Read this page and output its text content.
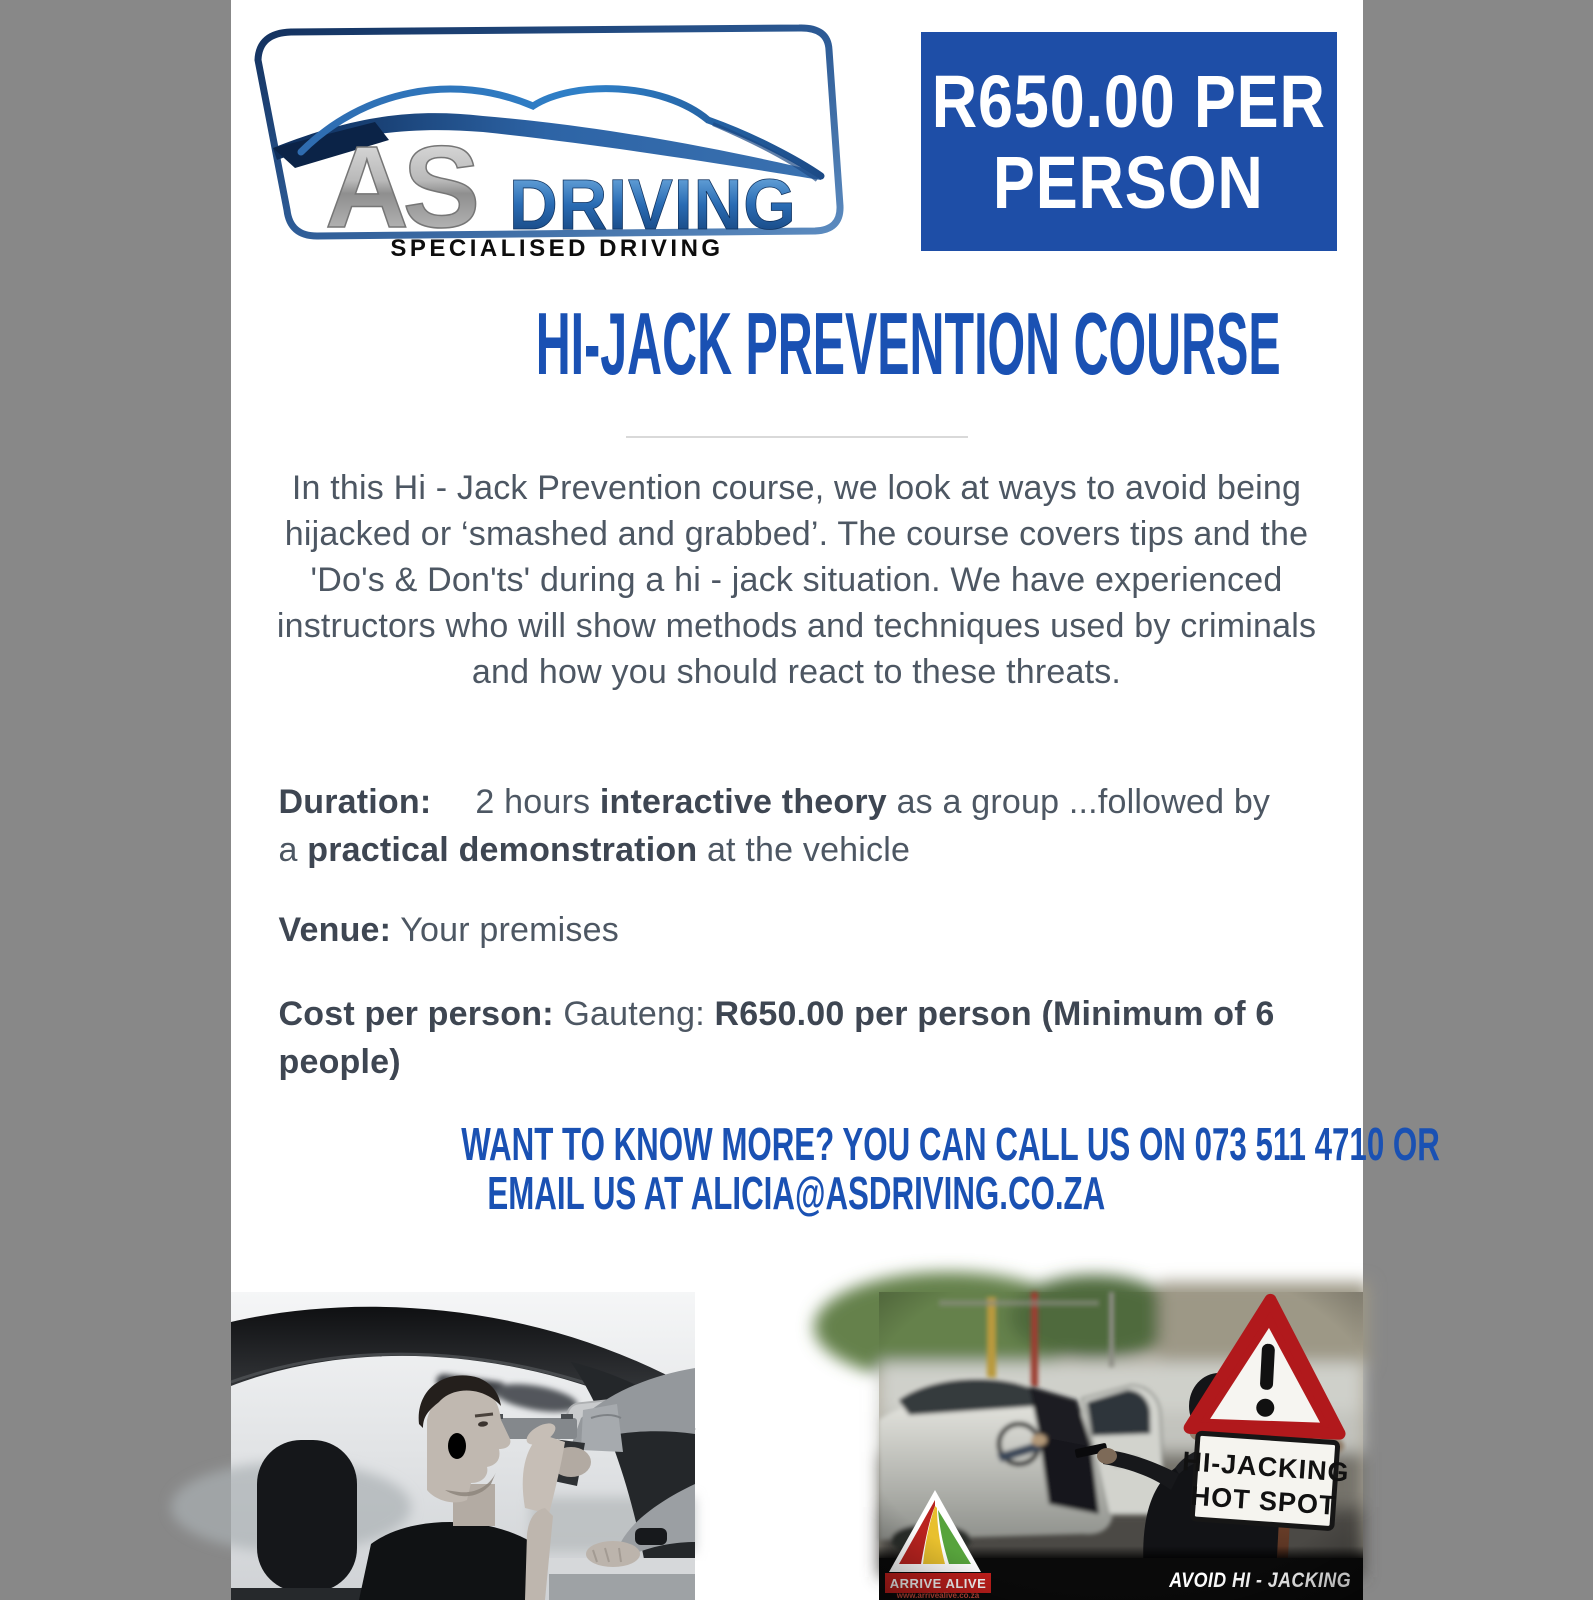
AS DRIVING
SPECIALISED DRIVING
R650.00 PER
PERSON
HI-JACK PREVENTION COURSE

In this Hi - Jack Prevention course, we look at ways to avoid being hijacked or ‘smashed and grabbed’. The course covers tips and the 'Do's & Don'ts' during a hi - jack situation. We have experienced instructors who will show methods and techniques used by criminals and how you should react to these threats.

Duration: 2 hours interactive theory as a group ...followed by a practical demonstration at the vehicle

Venue: Your premises

Cost per person: Gauteng: R650.00 per person (Minimum of 6 people)

WANT TO KNOW MORE? YOU CAN CALL US ON 073 511 4710 OR
EMAIL US AT ALICIA@ASDRIVING.CO.ZA
